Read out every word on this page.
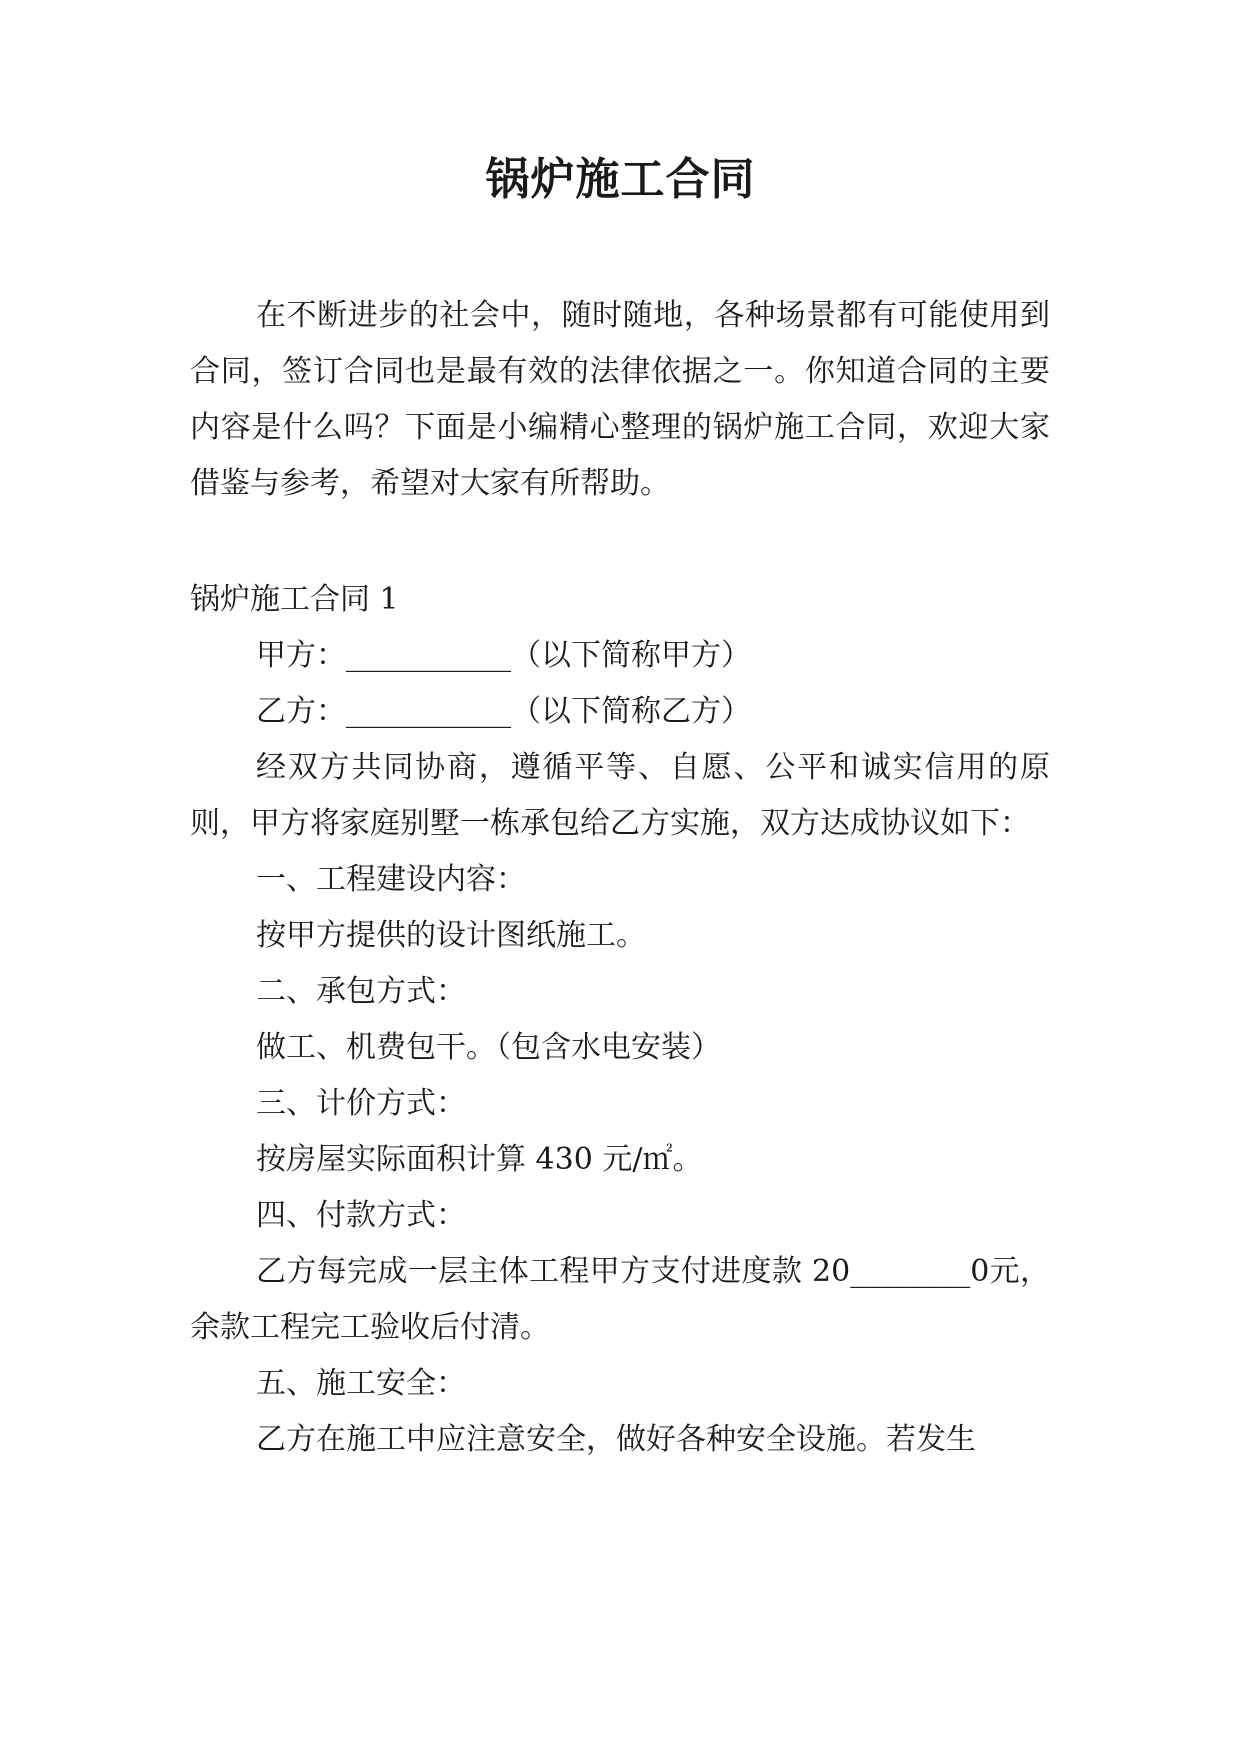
锅炉施工合同

在不断进步的社会中，随时随地，各种场景都有可能使用到合同，签订合同也是最有效的法律依据之一。你知道合同的主要内容是什么吗？下面是小编精心整理的锅炉施工合同，欢迎大家借鉴与参考，希望对大家有所帮助。

锅炉施工合同 1

甲方：___________（以下简称甲方）

乙方：___________（以下简称乙方）

经双方共同协商，遵循平等、自愿、公平和诚实信用的原则，甲方将家庭别墅一栋承包给乙方实施，双方达成协议如下：

一、工程建设内容：

按甲方提供的设计图纸施工。

二、承包方式：

做工、机费包干。（包含水电安装）

三、计价方式：

按房屋实际面积计算 430 元/㎡。

四、付款方式：

乙方每完成一层主体工程甲方支付进度款 20________0元，余款工程完工验收后付清。

五、施工安全：

乙方在施工中应注意安全，做好各种安全设施。若发生
